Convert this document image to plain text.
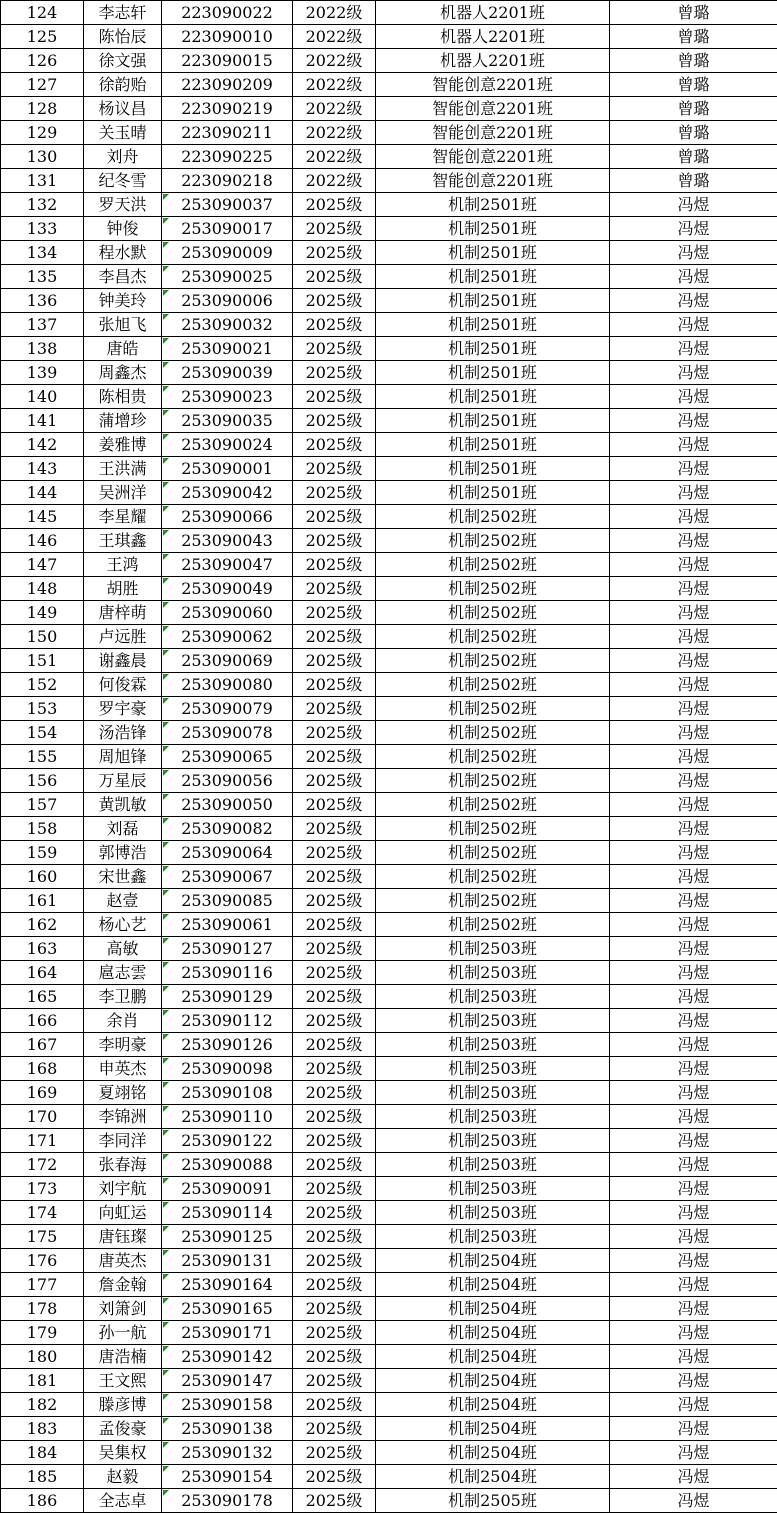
124	李志轩	223090022	2022级	机器人2201班	曾璐
125	陈怡辰	223090010	2022级	机器人2201班	曾璐
126	徐文强	223090015	2022级	机器人2201班	曾璐
127	徐韵贻	223090209	2022级	智能创意2201班	曾璐
128	杨议昌	223090219	2022级	智能创意2201班	曾璐
129	关玉晴	223090211	2022级	智能创意2201班	曾璐
130	刘舟	223090225	2022级	智能创意2201班	曾璐
131	纪冬雪	223090218	2022级	智能创意2201班	曾璐
132	罗天洪	253090037	2025级	机制2501班	冯煜
133	钟俊	253090017	2025级	机制2501班	冯煜
134	程水默	253090009	2025级	机制2501班	冯煜
135	李昌杰	253090025	2025级	机制2501班	冯煜
136	钟美玲	253090006	2025级	机制2501班	冯煜
137	张旭飞	253090032	2025级	机制2501班	冯煜
138	唐皓	253090021	2025级	机制2501班	冯煜
139	周鑫杰	253090039	2025级	机制2501班	冯煜
140	陈相贵	253090023	2025级	机制2501班	冯煜
141	蒲增珍	253090035	2025级	机制2501班	冯煜
142	姜雅博	253090024	2025级	机制2501班	冯煜
143	王洪满	253090001	2025级	机制2501班	冯煜
144	吴洲洋	253090042	2025级	机制2501班	冯煜
145	李星耀	253090066	2025级	机制2502班	冯煜
146	王琪鑫	253090043	2025级	机制2502班	冯煜
147	王鸿	253090047	2025级	机制2502班	冯煜
148	胡胜	253090049	2025级	机制2502班	冯煜
149	唐梓萌	253090060	2025级	机制2502班	冯煜
150	卢远胜	253090062	2025级	机制2502班	冯煜
151	谢鑫晨	253090069	2025级	机制2502班	冯煜
152	何俊霖	253090080	2025级	机制2502班	冯煜
153	罗宇豪	253090079	2025级	机制2502班	冯煜
154	汤浩锋	253090078	2025级	机制2502班	冯煜
155	周旭锋	253090065	2025级	机制2502班	冯煜
156	万星辰	253090056	2025级	机制2502班	冯煜
157	黄凯敏	253090050	2025级	机制2502班	冯煜
158	刘磊	253090082	2025级	机制2502班	冯煜
159	郭博浩	253090064	2025级	机制2502班	冯煜
160	宋世鑫	253090067	2025级	机制2502班	冯煜
161	赵壹	253090085	2025级	机制2502班	冯煜
162	杨心艺	253090061	2025级	机制2502班	冯煜
163	高敏	253090127	2025级	机制2503班	冯煜
164	扈志雲	253090116	2025级	机制2503班	冯煜
165	李卫鹏	253090129	2025级	机制2503班	冯煜
166	余肖	253090112	2025级	机制2503班	冯煜
167	李明豪	253090126	2025级	机制2503班	冯煜
168	申英杰	253090098	2025级	机制2503班	冯煜
169	夏翊铭	253090108	2025级	机制2503班	冯煜
170	李锦洲	253090110	2025级	机制2503班	冯煜
171	李同洋	253090122	2025级	机制2503班	冯煜
172	张春海	253090088	2025级	机制2503班	冯煜
173	刘宇航	253090091	2025级	机制2503班	冯煜
174	向虹运	253090114	2025级	机制2503班	冯煜
175	唐钰璨	253090125	2025级	机制2503班	冯煜
176	唐英杰	253090131	2025级	机制2504班	冯煜
177	詹金翰	253090164	2025级	机制2504班	冯煜
178	刘箫剑	253090165	2025级	机制2504班	冯煜
179	孙一航	253090171	2025级	机制2504班	冯煜
180	唐浩楠	253090142	2025级	机制2504班	冯煜
181	王文熙	253090147	2025级	机制2504班	冯煜
182	滕彦博	253090158	2025级	机制2504班	冯煜
183	孟俊豪	253090138	2025级	机制2504班	冯煜
184	吴集权	253090132	2025级	机制2504班	冯煜
185	赵毅	253090154	2025级	机制2504班	冯煜
186	全志卓	253090178	2025级	机制2505班	冯煜
